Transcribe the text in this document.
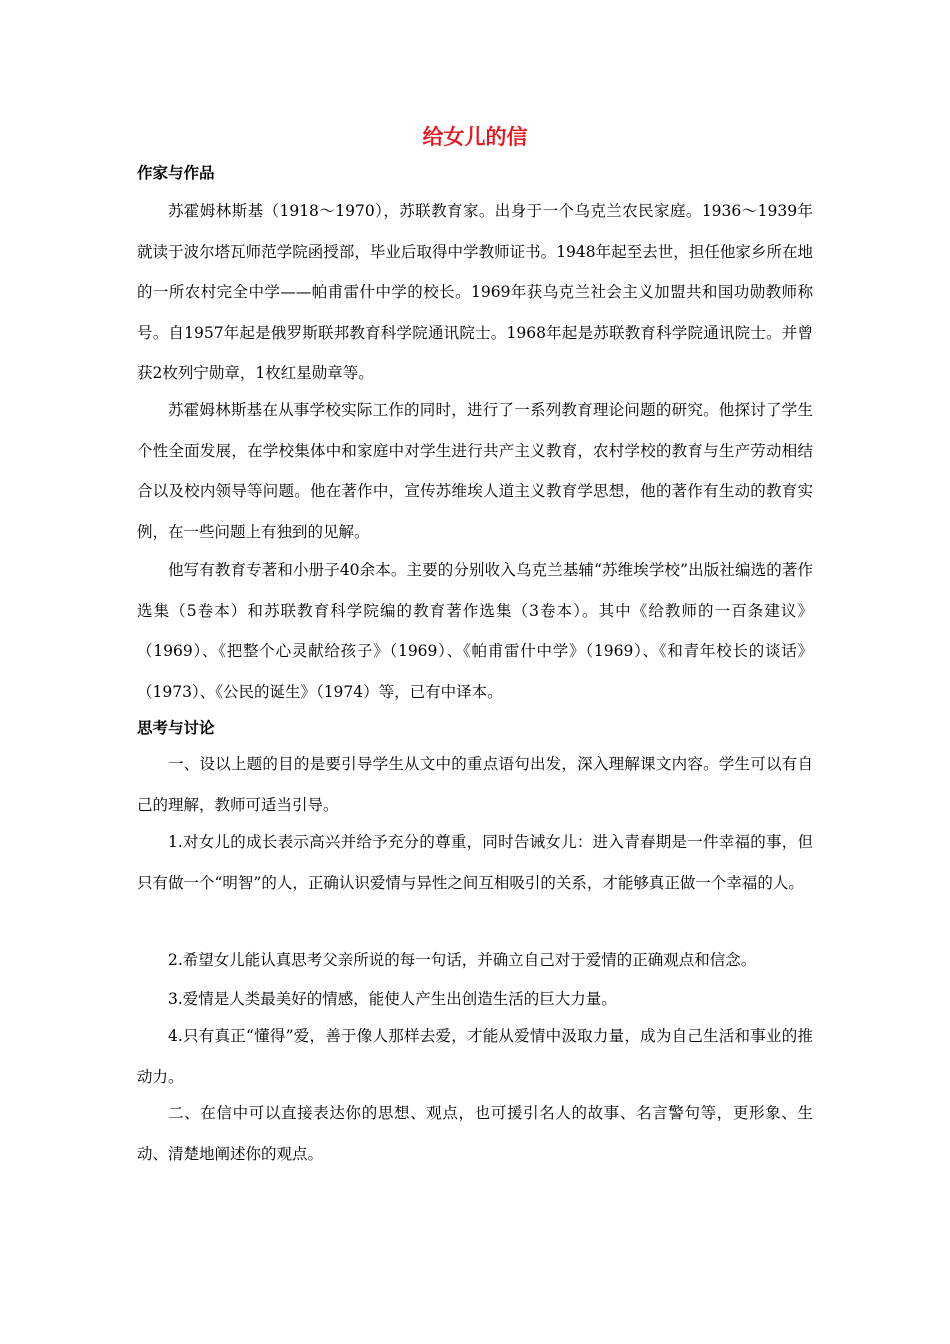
给女儿的信
作家与作品

苏霍姆林斯基（1918～1970），苏联教育家。出身于一个乌克兰农民家庭。1936～1939年就读于波尔塔瓦师范学院函授部，毕业后取得中学教师证书。1948年起至去世，担任他家乡所在地的一所农村完全中学——帕甫雷什中学的校长。1969年获乌克兰社会主义加盟共和国功勋教师称号。自1957年起是俄罗斯联邦教育科学院通讯院士。1968年起是苏联教育科学院通讯院士。并曾获2枚列宁勋章，1枚红星勋章等。

苏霍姆林斯基在从事学校实际工作的同时，进行了一系列教育理论问题的研究。他探讨了学生个性全面发展，在学校集体中和家庭中对学生进行共产主义教育，农村学校的教育与生产劳动相结合以及校内领导等问题。他在著作中，宣传苏维埃人道主义教育学思想，他的著作有生动的教育实例，在一些问题上有独到的见解。

他写有教育专著和小册子40余本。主要的分别收入乌克兰基辅“苏维埃学校”出版社编选的著作选集（5卷本）和苏联教育科学院编的教育著作选集（3卷本）。其中《给教师的一百条建议》（1969）、《把整个心灵献给孩子》（1969）、《帕甫雷什中学》（1969）、《和青年校长的谈话》（1973）、《公民的诞生》（1974）等，已有中译本。

思考与讨论

一、设以上题的目的是要引导学生从文中的重点语句出发，深入理解课文内容。学生可以有自己的理解，教师可适当引导。

1.对女儿的成长表示高兴并给予充分的尊重，同时告诫女儿：进入青春期是一件幸福的事，但只有做一个“明智”的人，正确认识爱情与异性之间互相吸引的关系，才能够真正做一个幸福的人。

2.希望女儿能认真思考父亲所说的每一句话，并确立自己对于爱情的正确观点和信念。

3.爱情是人类最美好的情感，能使人产生出创造生活的巨大力量。

4.只有真正“懂得”爱，善于像人那样去爱，才能从爱情中汲取力量，成为自己生活和事业的推动力。

二、在信中可以直接表达你的思想、观点，也可援引名人的故事、名言警句等，更形象、生动、清楚地阐述你的观点。
